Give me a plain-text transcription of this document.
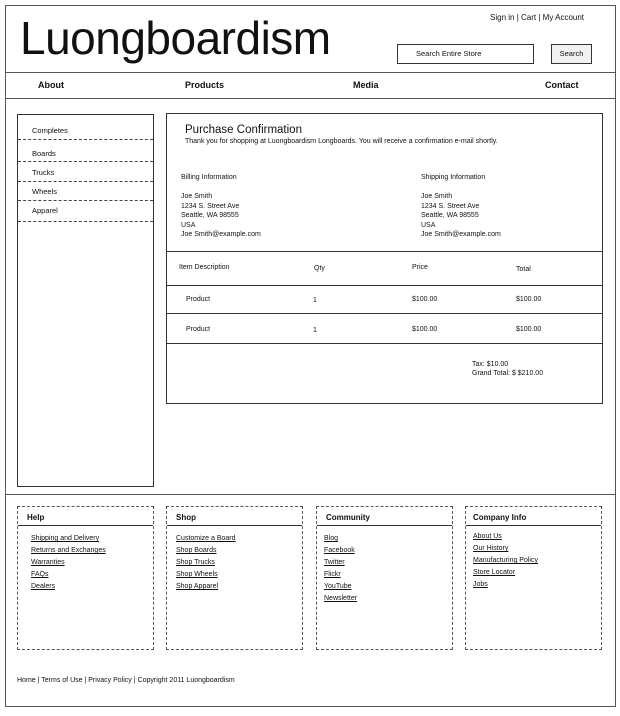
Luongboardism	Sign in | Cart | My Account
Search Entire Store	Search
About	Products	Media	Contact
Completes
Boards
Trucks
Wheels
Apparel
Purchase Confirmation
Thank you for shopping at Luongboardism Longboards. You will receive a confirmation e-mail shortly.
Billing Information
Joe Smith
1234 S. Street Ave
Seattle, WA 98555
USA
Joe Smith@example.com
Shipping Information
Joe Smith
1234 S. Street Ave
Seattle, WA 98555
USA
Joe Smith@example.com
Item Description	Qty	Price	Total
Product	1	$100.00	$100.00
Product	1	$100.00	$100.00
Tax: $10.00
Grand Total: $ $210.00
Help
Shipping and Delivery
Returns and Exchanges
Warranties
FAQs
Dealers
Shop
Customize a Board
Shop Boards
Shop Trucks
Shop Wheels
Shop Apparel
Community
Blog
Facebook
Twitter
Flickr
YouTube
Newsletter
Company Info
About Us
Our History
Manufacturing Policy
Store Locator
Jobs
Home | Terms of Use | Privacy Policy | Copyright 2011 Luongboardism
